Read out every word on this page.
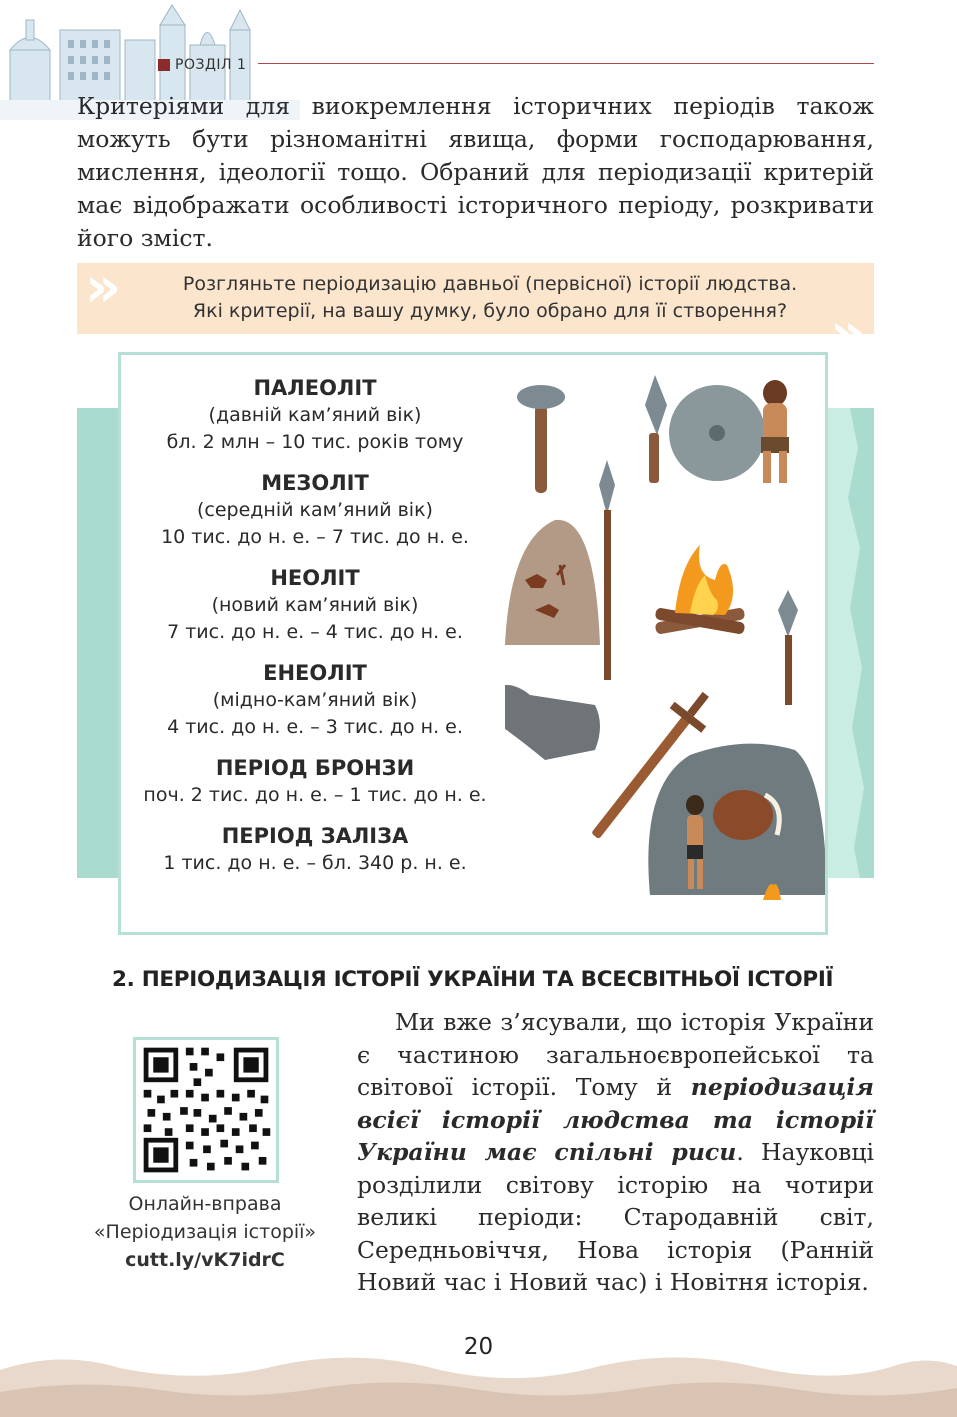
РОЗДІЛ 1
Критеріями для виокремлення історичних періодів також можуть бути різноманітні явища, форми господарювання, мислення, ідеології тощо. Обраний для періодизації критерій має відображати особливості історичного періоду, розкривати його зміст.
»
»
Розгляньте періодизацію давньої (первісної) історії людства.
Які критерії, на вашу думку, було обрано для її створення?
ПАЛЕОЛІТ
(давній кам’яний вік)
бл. 2 млн – 10 тис. років тому
МЕЗОЛІТ
(середній кам’яний вік)
10 тис. до н. е. – 7 тис. до н. е.
НЕОЛІТ
(новий кам’яний вік)
7 тис. до н. е. – 4 тис. до н. е.
ЕНЕОЛІТ
(мідно-кам’яний вік)
4 тис. до н. е. – 3 тис. до н. е.
ПЕРІОД БРОНЗИ
поч. 2 тис. до н. е. – 1 тис. до н. е.
ПЕРІОД ЗАЛІЗА
1 тис. до н. е. – бл. 340 р. н. е.
2. ПЕРІОДИЗАЦІЯ ІСТОРІЇ УКРАЇНИ ТА ВСЕСВІТНЬОЇ ІСТОРІЇ
Онлайн-вправа
«Періодизація історії»
cutt.ly/vK7idrC
Ми вже з’ясували, що історія України є частиною загальноєвропейської та світової історії. Тому й періодизація всієї історії людства та історії України має спільні риси. Науковці розділили світову історію на чотири великі періоди: Стародавній світ, Середньовіччя, Нова історія (Ранній Новий час і Новий час) і Новітня історія.
20
